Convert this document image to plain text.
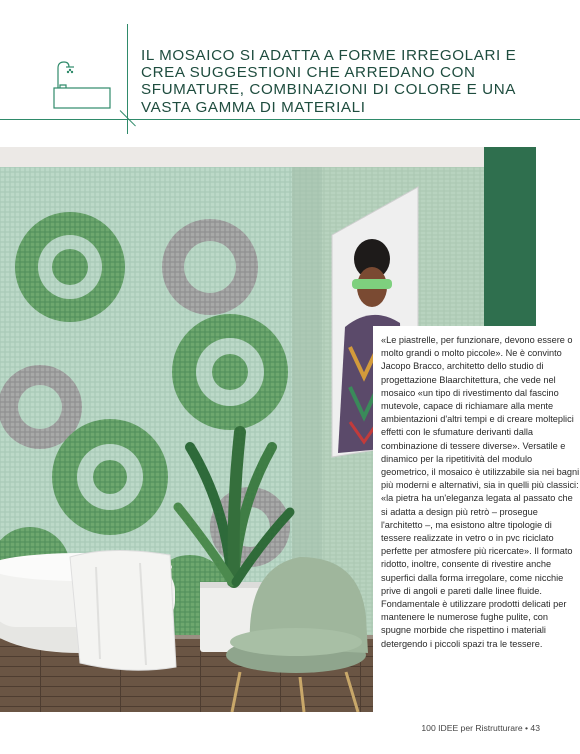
IL MOSAICO SI ADATTA A FORME IRREGOLARI E CREA SUGGESTIONI CHE ARREDANO CON SFUMATURE, COMBINAZIONI DI COLORE E UNA VASTA GAMMA DI MATERIALI

«Le piastrelle, per funzionare, devono essere o molto grandi o molto piccole». Ne è convinto Jacopo Bracco, architetto dello studio di progettazione Blaarchitettura, che vede nel mosaico «un tipo di rivestimento dal fascino mutevole, capace di richiamare alla mente ambientazioni d'altri tempi e di creare molteplici effetti con le sfumature derivanti dalla combinazione di tessere diverse». Versatile e dinamico per la ripetitività del modulo geometrico, il mosaico è utilizzabile sia nei bagni più moderni e alternativi, sia in quelli più classici: «la pietra ha un'eleganza legata al passato che si adatta a design più retrò – prosegue l'architetto –, ma esistono altre tipologie di tessere realizzate in vetro o in pvc riciclato perfette per atmosfere più ricercate». Il formato ridotto, inoltre, consente di rivestire anche superfici dalla forma irregolare, come nicchie prive di angoli e pareti dalle linee fluide. Fondamentale è utilizzare prodotti delicati per mantenere le numerose fughe pulite, con spugne morbide che rispettino i materiali detergendo i piccoli spazi tra le tessere.

100 IDEE per Ristrutturare • 43
